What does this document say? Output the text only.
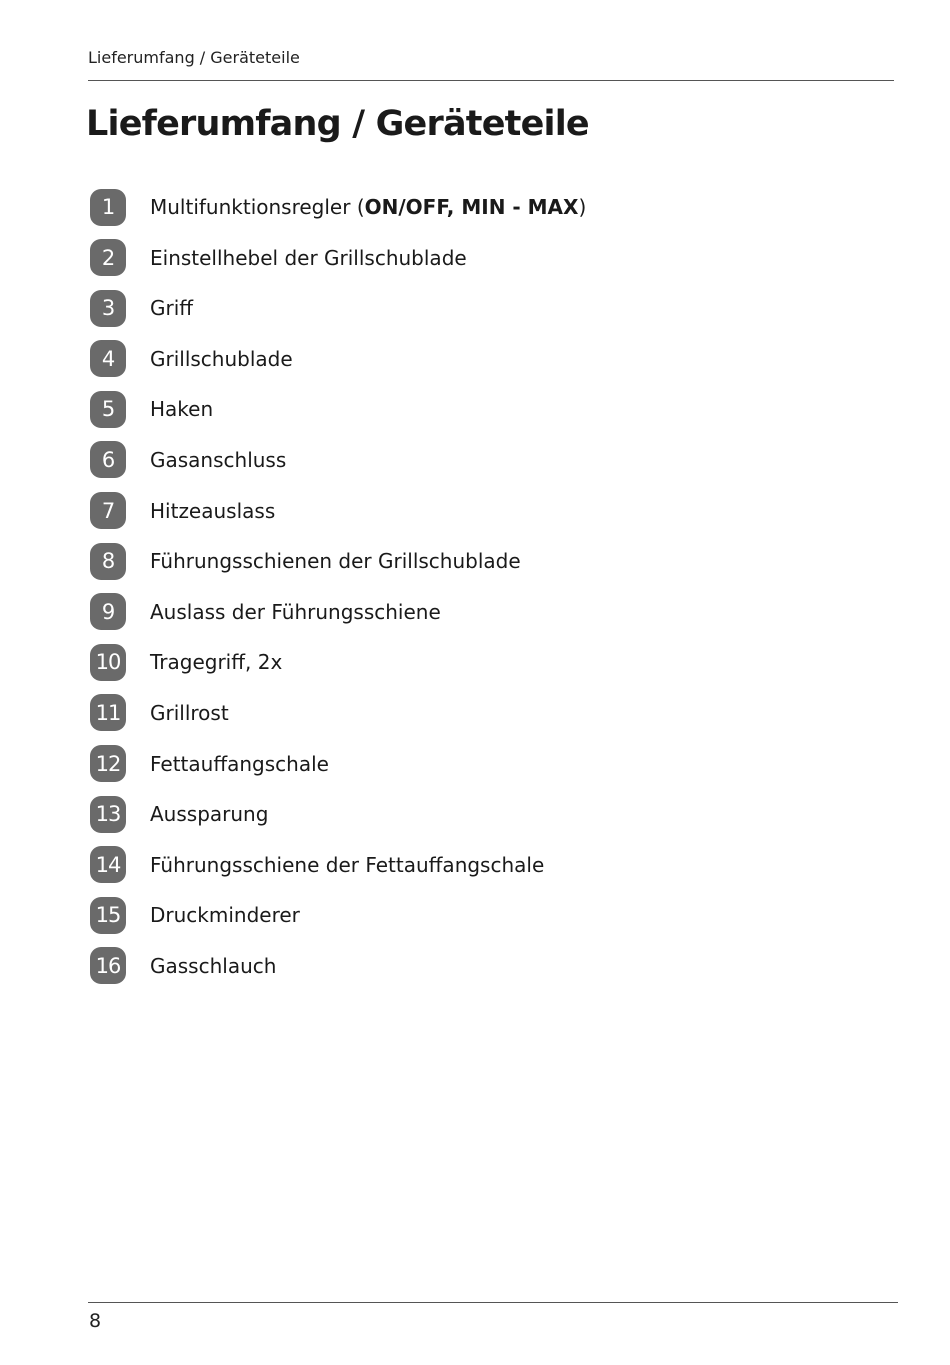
Lieferumfang / Geräteteile
Lieferumfang / Geräteteile
1	Multifunktionsregler (ON/OFF, MIN - MAX)
2	Einstellhebel der Grillschublade
3	Griff
4	Grillschublade
5	Haken
6	Gasanschluss
7	Hitzeauslass
8	Führungsschienen der Grillschublade
9	Auslass der Führungsschiene
10 Tragegriff, 2x
11 Grillrost
12 Fettauffangschale
13 Aussparung
14 Führungsschiene der Fettauffangschale
15 Druckminderer
16 Gasschlauch
8
